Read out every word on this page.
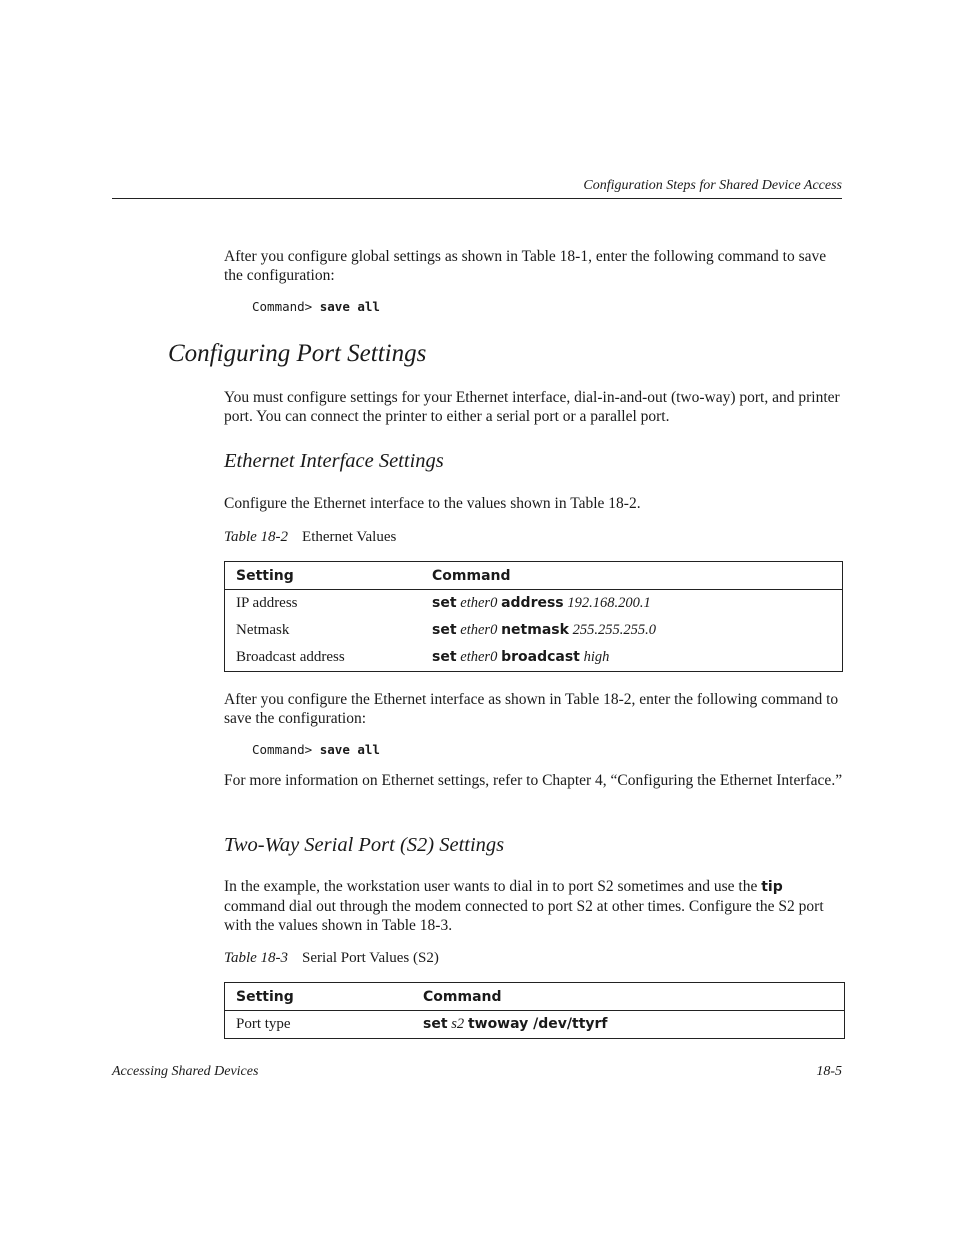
Configuration Steps for Shared Device Access
After you configure global settings as shown in Table 18-1, enter the following command to save the configuration:
Command> save all
Configuring Port Settings
You must configure settings for your Ethernet interface, dial-in-and-out (two-way) port, and printer port. You can connect the printer to either a serial port or a parallel port.
Ethernet Interface Settings
Configure the Ethernet interface to the values shown in Table 18-2.
Table 18-2 Ethernet Values
Setting	Command
IP address	set ether0 address 192.168.200.1
Netmask	set ether0 netmask 255.255.255.0
Broadcast address	set ether0 broadcast high
After you configure the Ethernet interface as shown in Table 18-2, enter the following command to save the configuration:
Command> save all
For more information on Ethernet settings, refer to Chapter 4, “Configuring the Ethernet Interface.”
Two-Way Serial Port (S2) Settings
In the example, the workstation user wants to dial in to port S2 sometimes and use the tip command dial out through the modem connected to port S2 at other times. Configure the S2 port with the values shown in Table 18-3.
Table 18-3 Serial Port Values (S2)
Setting	Command
Port type	set s2 twoway /dev/ttyrf
Accessing Shared Devices	18-5
